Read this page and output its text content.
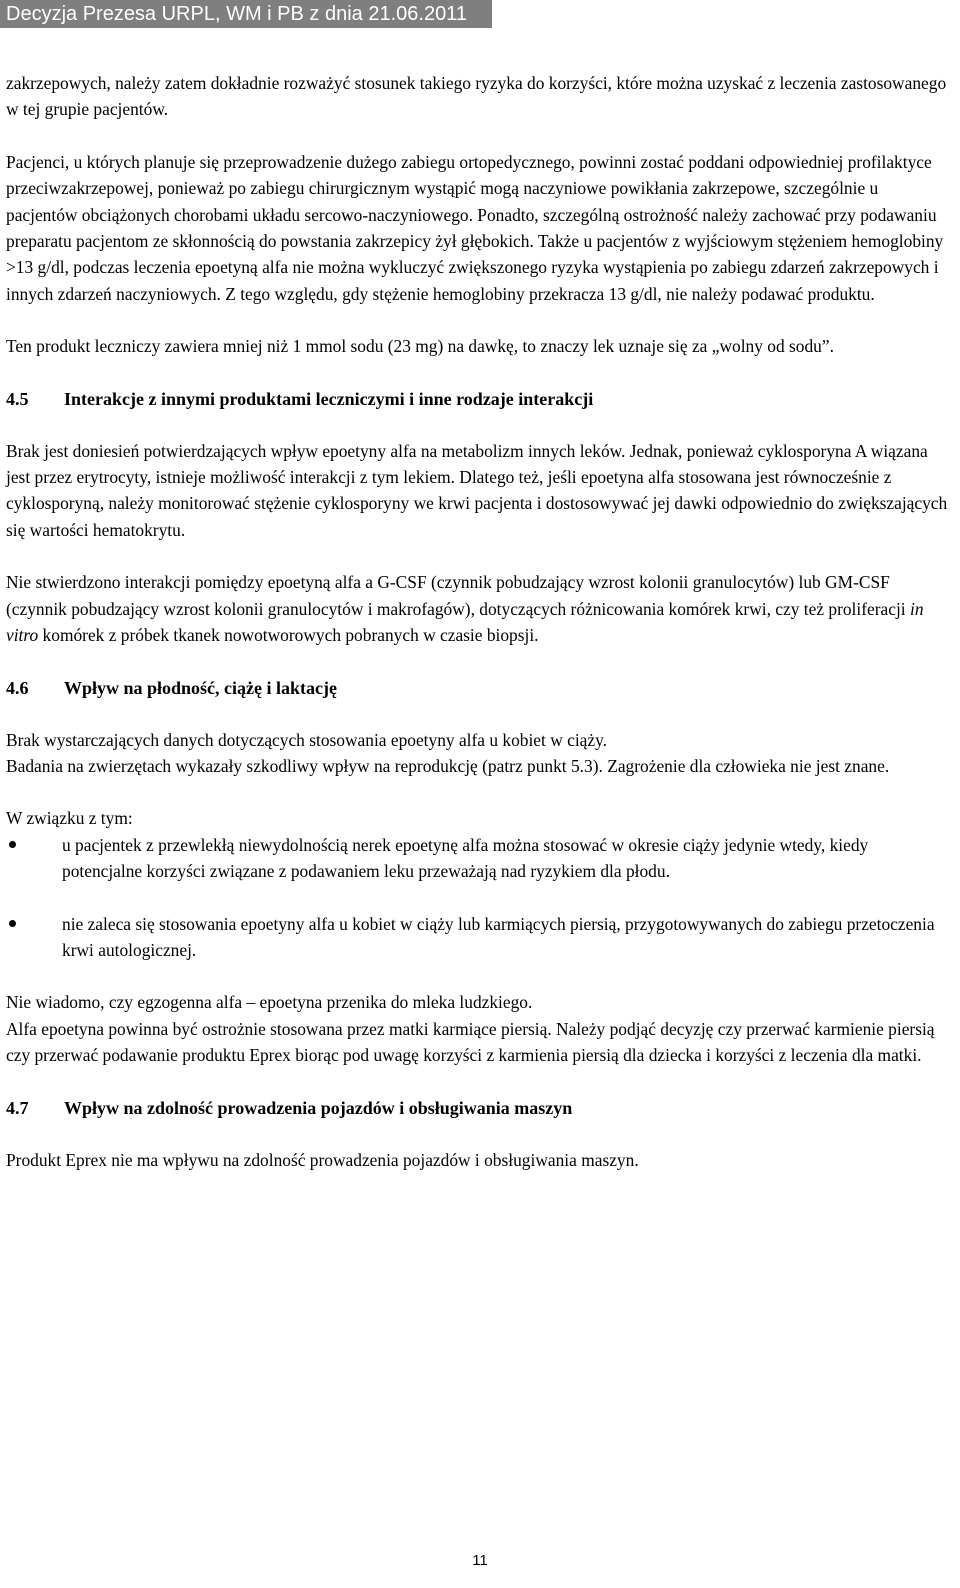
Decyzja Prezesa URPL, WM i PB z dnia 21.06.2011

zakrzepowych, należy zatem dokładnie rozważyć stosunek takiego ryzyka do korzyści, które można uzyskać z leczenia zastosowanego w tej grupie pacjentów.

Pacjenci, u których planuje się przeprowadzenie dużego zabiegu ortopedycznego, powinni zostać poddani odpowiedniej profilaktyce przeciwzakrzepowej, ponieważ po zabiegu chirurgicznym wystąpić mogą naczyniowe powikłania zakrzepowe, szczególnie u pacjentów obciążonych chorobami układu sercowo-naczyniowego. Ponadto, szczególną ostrożność należy zachować przy podawaniu preparatu pacjentom ze skłonnością do powstania zakrzepicy żył głębokich. Także u pacjentów z wyjściowym stężeniem hemoglobiny >13 g/dl, podczas leczenia epoetyną alfa nie można wykluczyć zwiększonego ryzyka wystąpienia po zabiegu zdarzeń zakrzepowych i innych zdarzeń naczyniowych. Z tego względu, gdy stężenie hemoglobiny przekracza 13 g/dl, nie należy podawać produktu.

Ten produkt leczniczy zawiera mniej niż 1 mmol sodu (23 mg) na dawkę, to znaczy lek uznaje się za „wolny od sodu”.

4.5	Interakcje z innymi produktami leczniczymi i inne rodzaje interakcji

Brak jest doniesień potwierdzających wpływ epoetyny alfa na metabolizm innych leków. Jednak, ponieważ cyklosporyna A wiązana jest przez erytrocyty, istnieje możliwość interakcji z tym lekiem. Dlatego też, jeśli epoetyna alfa stosowana jest równocześnie z cyklosporyną, należy monitorować stężenie cyklosporyny we krwi pacjenta i dostosowywać jej dawki odpowiednio do zwiększających się wartości hematokrytu.

Nie stwierdzono interakcji pomiędzy epoetyną alfa a G-CSF (czynnik pobudzający wzrost kolonii granulocytów) lub GM-CSF (czynnik pobudzający wzrost kolonii granulocytów i makrofagów), dotyczących różnicowania komórek krwi, czy też proliferacji in vitro komórek z próbek tkanek nowotworowych pobranych w czasie biopsji.

4.6	Wpływ na płodność, ciążę i laktację

Brak wystarczających danych dotyczących stosowania epoetyny alfa u kobiet w ciąży.

Badania na zwierzętach wykazały szkodliwy wpływ na reprodukcję (patrz punkt 5.3). Zagrożenie dla człowieka nie jest znane.

W związku z tym:

u pacjentek z przewlekłą niewydolnością nerek epoetynę alfa można stosować w okresie ciąży jedynie wtedy, kiedy potencjalne korzyści związane z podawaniem leku przeważają nad ryzykiem dla płodu.
nie zaleca się stosowania epoetyny alfa u kobiet w ciąży lub karmiących piersią, przygotowywanych do zabiegu przetoczenia krwi autologicznej.

Nie wiadomo, czy egzogenna alfa – epoetyna przenika do mleka ludzkiego.

Alfa epoetyna powinna być ostrożnie stosowana przez matki karmiące piersią. Należy podjąć decyzję czy przerwać karmienie piersią czy przerwać podawanie produktu Eprex biorąc pod uwagę korzyści z karmienia piersią dla dziecka i korzyści z leczenia dla matki.

4.7	Wpływ na zdolność prowadzenia pojazdów i obsługiwania maszyn

Produkt Eprex nie ma wpływu na zdolność prowadzenia pojazdów i obsługiwania maszyn.

11
